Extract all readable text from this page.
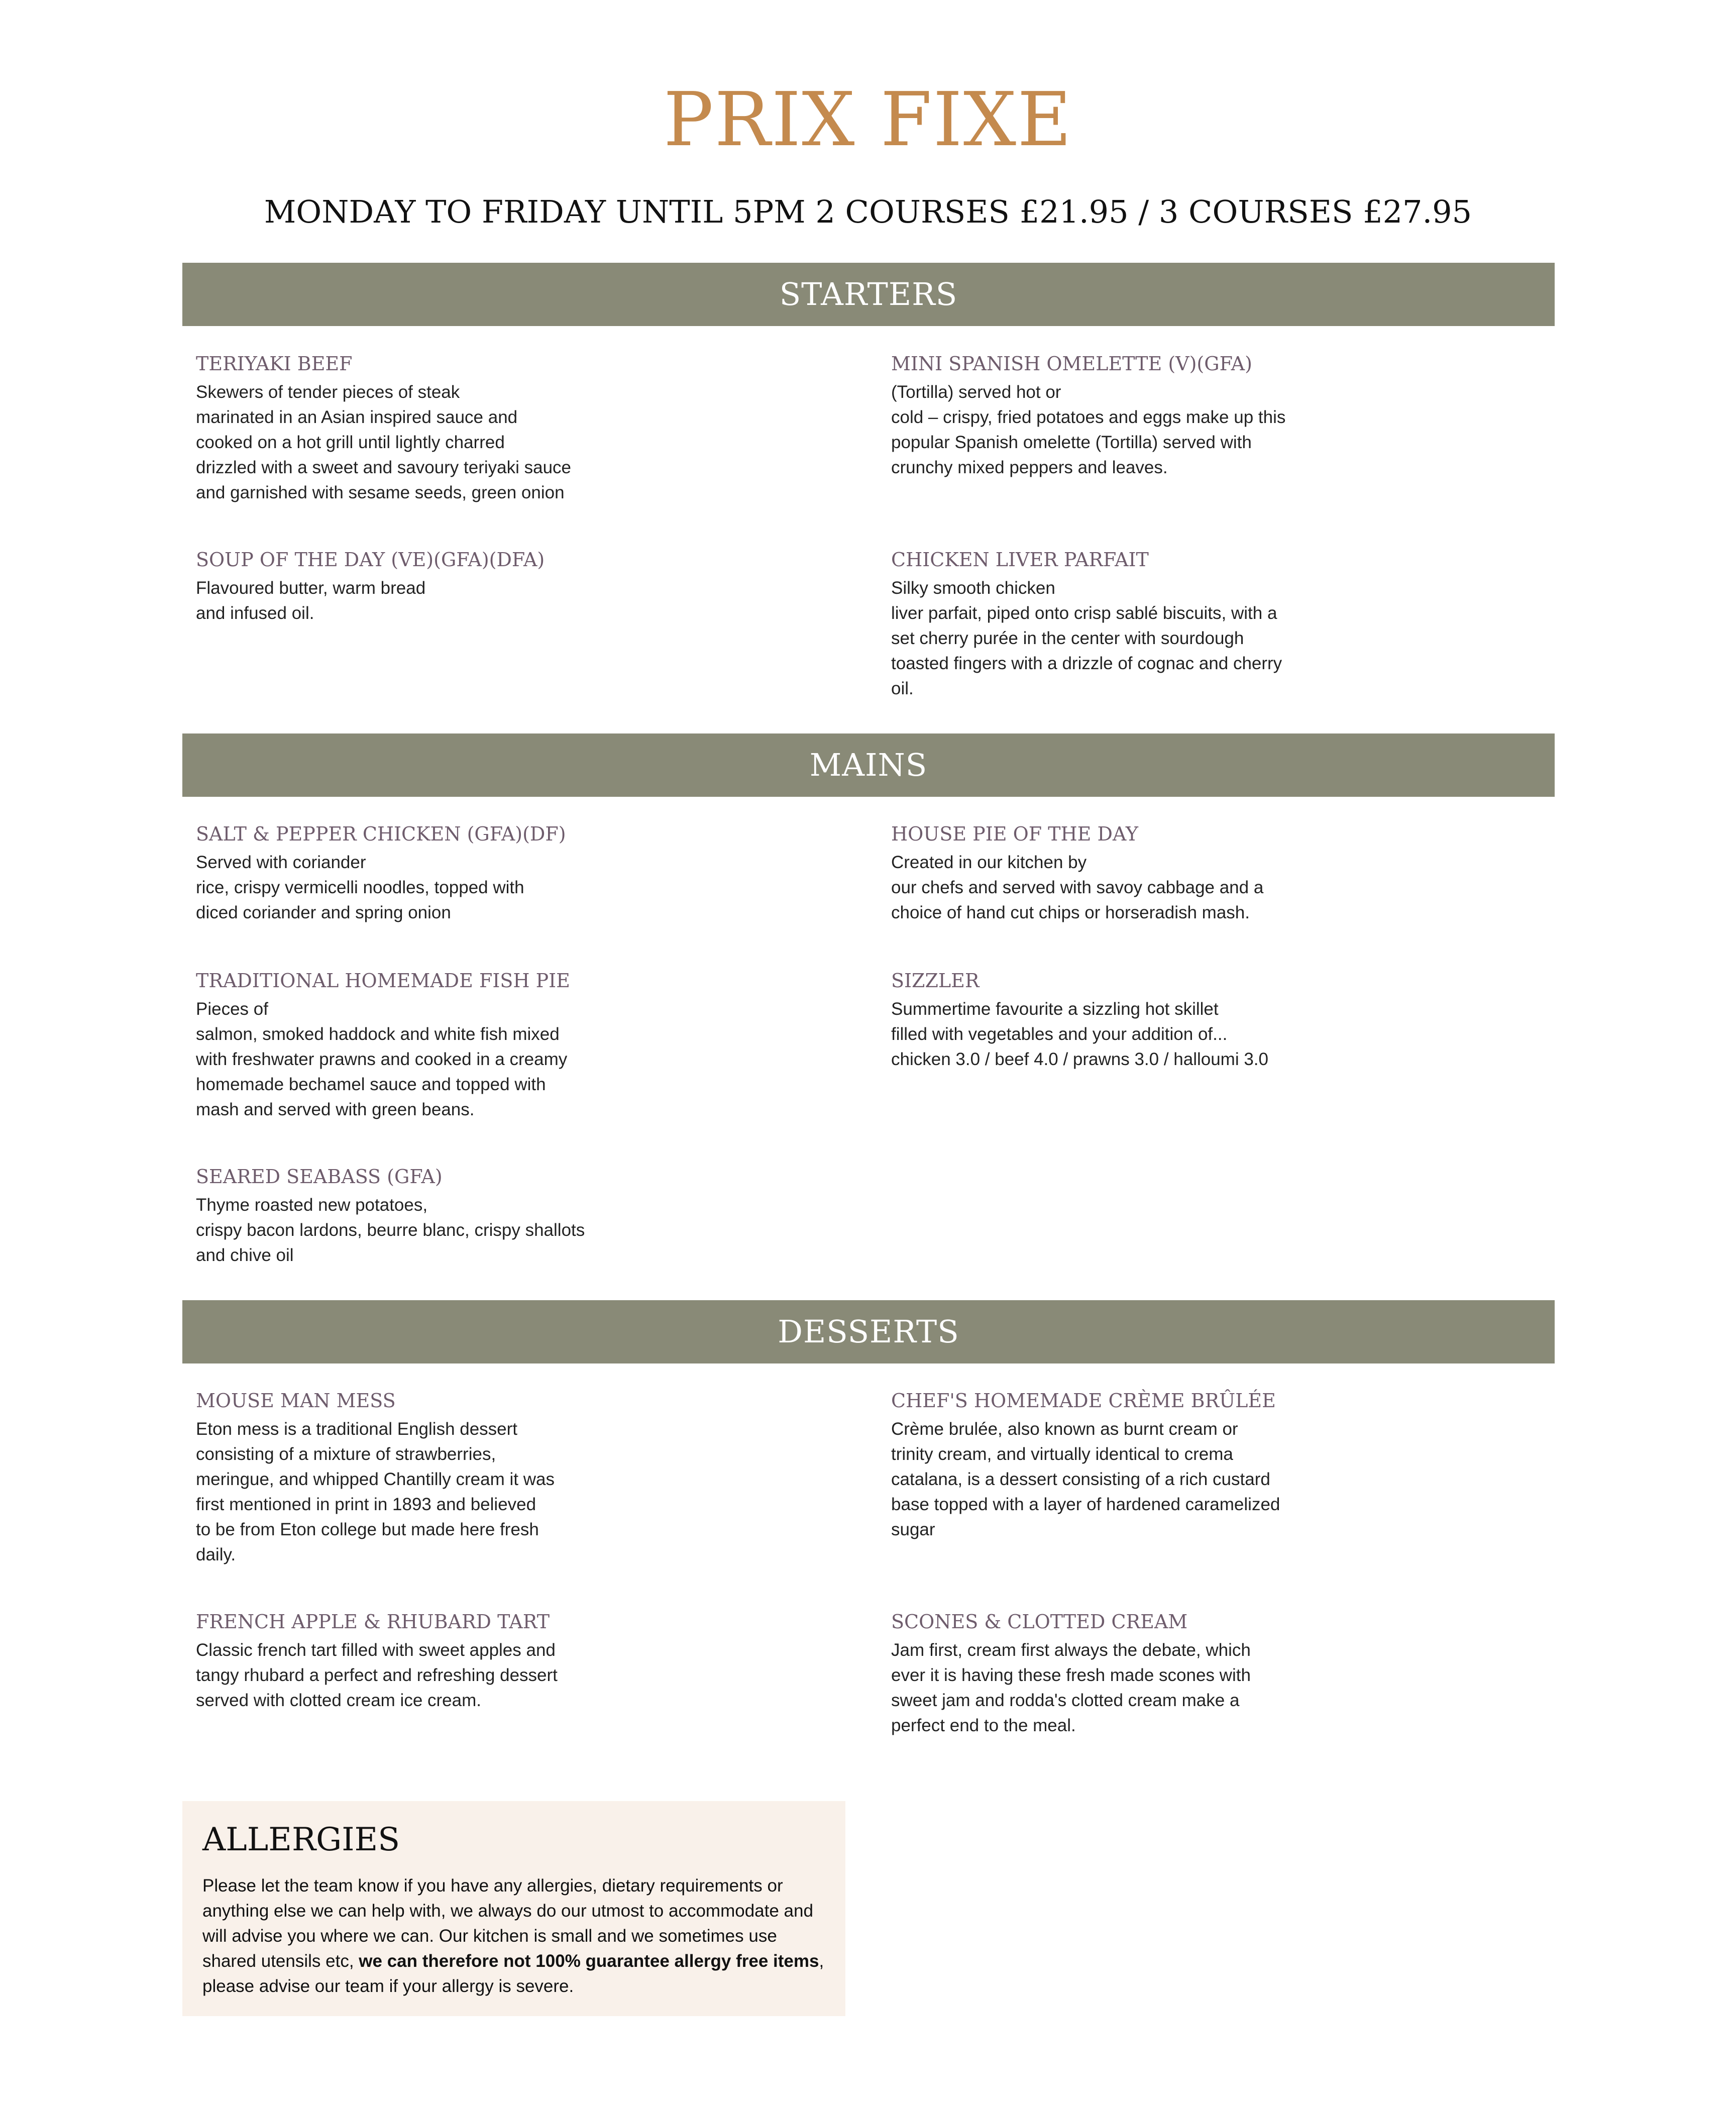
PRIX FIXE
MONDAY TO FRIDAY UNTIL 5PM 2 COURSES £21.95 / 3 COURSES £27.95
STARTERS
TERIYAKI BEEF
Skewers of tender pieces of steak
marinated in an Asian inspired sauce and
cooked on a hot grill until lightly charred
drizzled with a sweet and savoury teriyaki sauce
and garnished with sesame seeds, green onion
MINI SPANISH OMELETTE (V)(GFA)
(Tortilla) served hot or
cold – crispy, fried potatoes and eggs make up this
popular Spanish omelette (Tortilla) served with
crunchy mixed peppers and leaves.
SOUP OF THE DAY (VE)(GFA)(DFA)
Flavoured butter, warm bread
and infused oil.
CHICKEN LIVER PARFAIT
Silky smooth chicken
liver parfait, piped onto crisp sablé biscuits, with a
set cherry purée in the center with sourdough
toasted fingers with a drizzle of cognac and cherry
oil.
MAINS
SALT & PEPPER CHICKEN (GFA)(DF)
Served with coriander
rice, crispy vermicelli noodles, topped with
diced coriander and spring onion
HOUSE PIE OF THE DAY
Created in our kitchen by
our chefs and served with savoy cabbage and a
choice of hand cut chips or horseradish mash.
TRADITIONAL HOMEMADE FISH PIE
Pieces of
salmon, smoked haddock and white fish mixed
with freshwater prawns and cooked in a creamy
homemade bechamel sauce and topped with
mash and served with green beans.
SIZZLER
Summertime favourite a sizzling hot skillet
filled with vegetables and your addition of...
chicken 3.0 / beef 4.0 / prawns 3.0 / halloumi 3.0
SEARED SEABASS (GFA)
Thyme roasted new potatoes,
crispy bacon lardons, beurre blanc, crispy shallots
and chive oil
DESSERTS
MOUSE MAN MESS
Eton mess is a traditional English dessert
consisting of a mixture of strawberries,
meringue, and whipped Chantilly cream it was
first mentioned in print in 1893 and believed
to be from Eton college but made here fresh
daily.
CHEF'S HOMEMADE CRÈME BRÛLÉE
Crème brulée, also known as burnt cream or
trinity cream, and virtually identical to crema
catalana, is a dessert consisting of a rich custard
base topped with a layer of hardened caramelized
sugar
FRENCH APPLE & RHUBARD TART
Classic french tart filled with sweet apples and
tangy rhubard a perfect and refreshing dessert
served with clotted cream ice cream.
SCONES & CLOTTED CREAM
Jam first, cream first always the debate, which
ever it is having these fresh made scones with
sweet jam and rodda's clotted cream make a
perfect end to the meal.
ALLERGIES
Please let the team know if you have any allergies, dietary requirements or anything else we can help with, we always do our utmost to accommodate and will advise you where we can. Our kitchen is small and we sometimes use shared utensils etc, we can therefore not 100% guarantee allergy free items, please advise our team if your allergy is severe.
